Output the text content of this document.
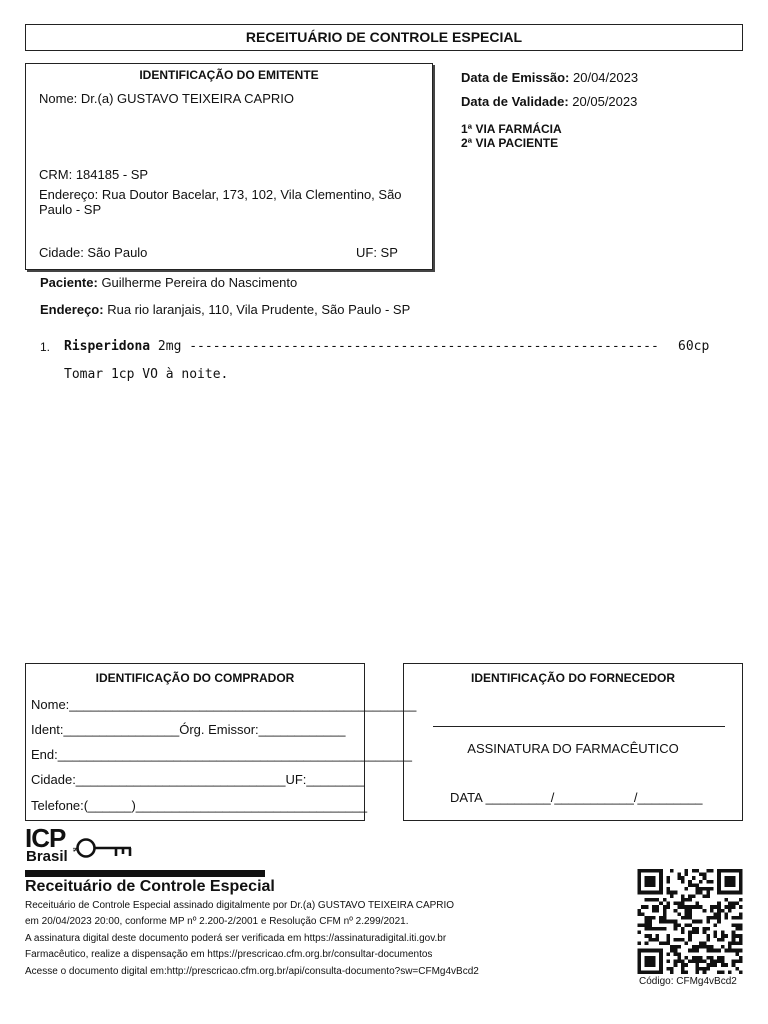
RECEITUÁRIO DE CONTROLE ESPECIAL
IDENTIFICAÇÃO DO EMITENTE
Nome: Dr.(a) GUSTAVO TEIXEIRA CAPRIO
CRM: 184185 - SP
Endereço: Rua Doutor Bacelar, 173, 102, Vila Clementino, São
Paulo - SP
Cidade: São Paulo	UF: SP
Data de Emissão: 20/04/2023
Data de Validade: 20/05/2023
1ª VIA FARMÁCIA
2ª VIA PACIENTE
Paciente: Guilherme Pereira do Nascimento
Endereço: Rua rio laranjais, 110, Vila Prudente, São Paulo - SP
1. Risperidona 2mg ------------------------------------------------------------ 60cp
Tomar 1cp VO à noite.
IDENTIFICAÇÃO DO COMPRADOR
Nome:________________________________________________
Ident:________________Órg. Emissor:____________
End:_________________________________________________
Cidade:_____________________________UF:________
Telefone:(______)________________________________
IDENTIFICAÇÃO DO FORNECEDOR
ASSINATURA DO FARMACÊUTICO
DATA _________/___________/_________
ICP
Brasil ≠
Receituário de Controle Especial
Receituário de Controle Especial assinado digitalmente por Dr.(a) GUSTAVO TEIXEIRA CAPRIO
em 20/04/2023 20:00, conforme MP nº 2.200-2/2001 e Resolução CFM nº 2.299/2021.
A assinatura digital deste documento poderá ser verificada em https://assinaturadigital.iti.gov.br
Farmacêutico, realize a dispensação em https://prescricao.cfm.org.br/consultar-documentos
Acesse o documento digital em:http://prescricao.cfm.org.br/api/consulta-documento?sw=CFMg4vBcd2
Código: CFMg4vBcd2
